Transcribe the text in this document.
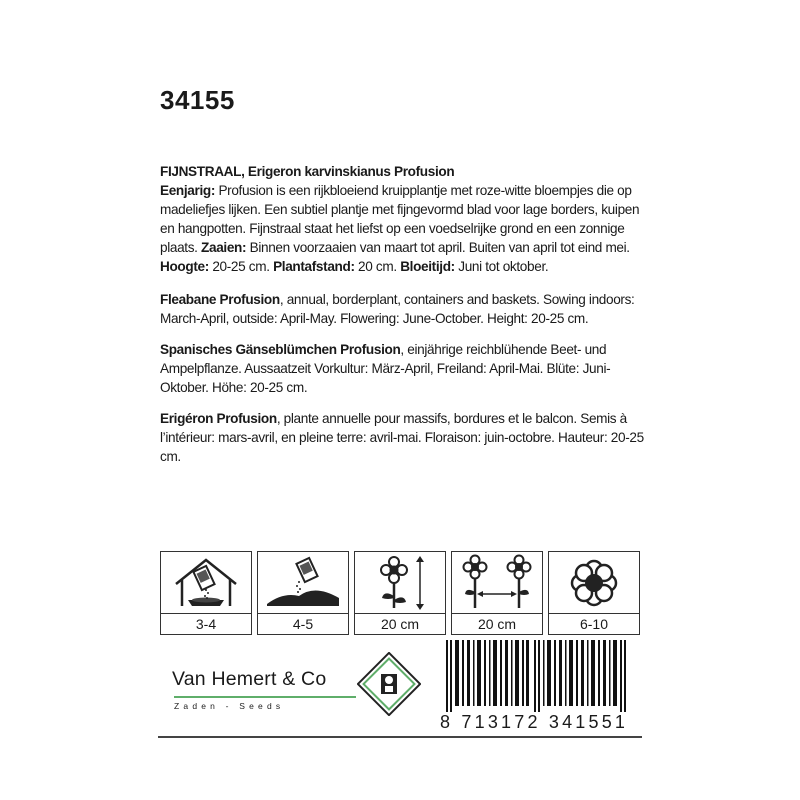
34155
FIJNSTRAAL, Erigeron karvinskianus Profusion
Eenjarig: Profusion is een rijkbloeiend kruipplantje met roze-witte bloempjes die op madeliefjes lijken. Een subtiel plantje met fijngevormd blad voor lage borders, kuipen en hangpotten. Fijnstraal staat het liefst op een voedselrijke grond en een zonnige plaats. Zaaien: Binnen voorzaaien van maart tot april. Buiten van april tot eind mei.
Hoogte: 20-25 cm. Plantafstand: 20 cm. Bloeitijd: Juni tot oktober.
Fleabane Profusion, annual, borderplant, containers and baskets. Sowing indoors: March-April, outside: April-May. Flowering: June-October. Height: 20-25 cm.
Spanisches Gänseblümchen Profusion, einjährige reichblühende Beet- und Ampelpflanze. Aussaatzeit Vorkultur: März-April, Freiland: April-Mai. Blüte: Juni-Oktober. Höhe: 20-25 cm.
Erigéron Profusion, plante annuelle pour massifs, bordures et le balcon. Semis à l’intérieur: mars-avril, en pleine terre: avril-mai. Floraison: juin-octobre. Hauteur: 20-25 cm.
3-4	4-5	20 cm	20 cm	6-10
Van Hemert & Co
Zaden - Seeds
8 713172 341551
